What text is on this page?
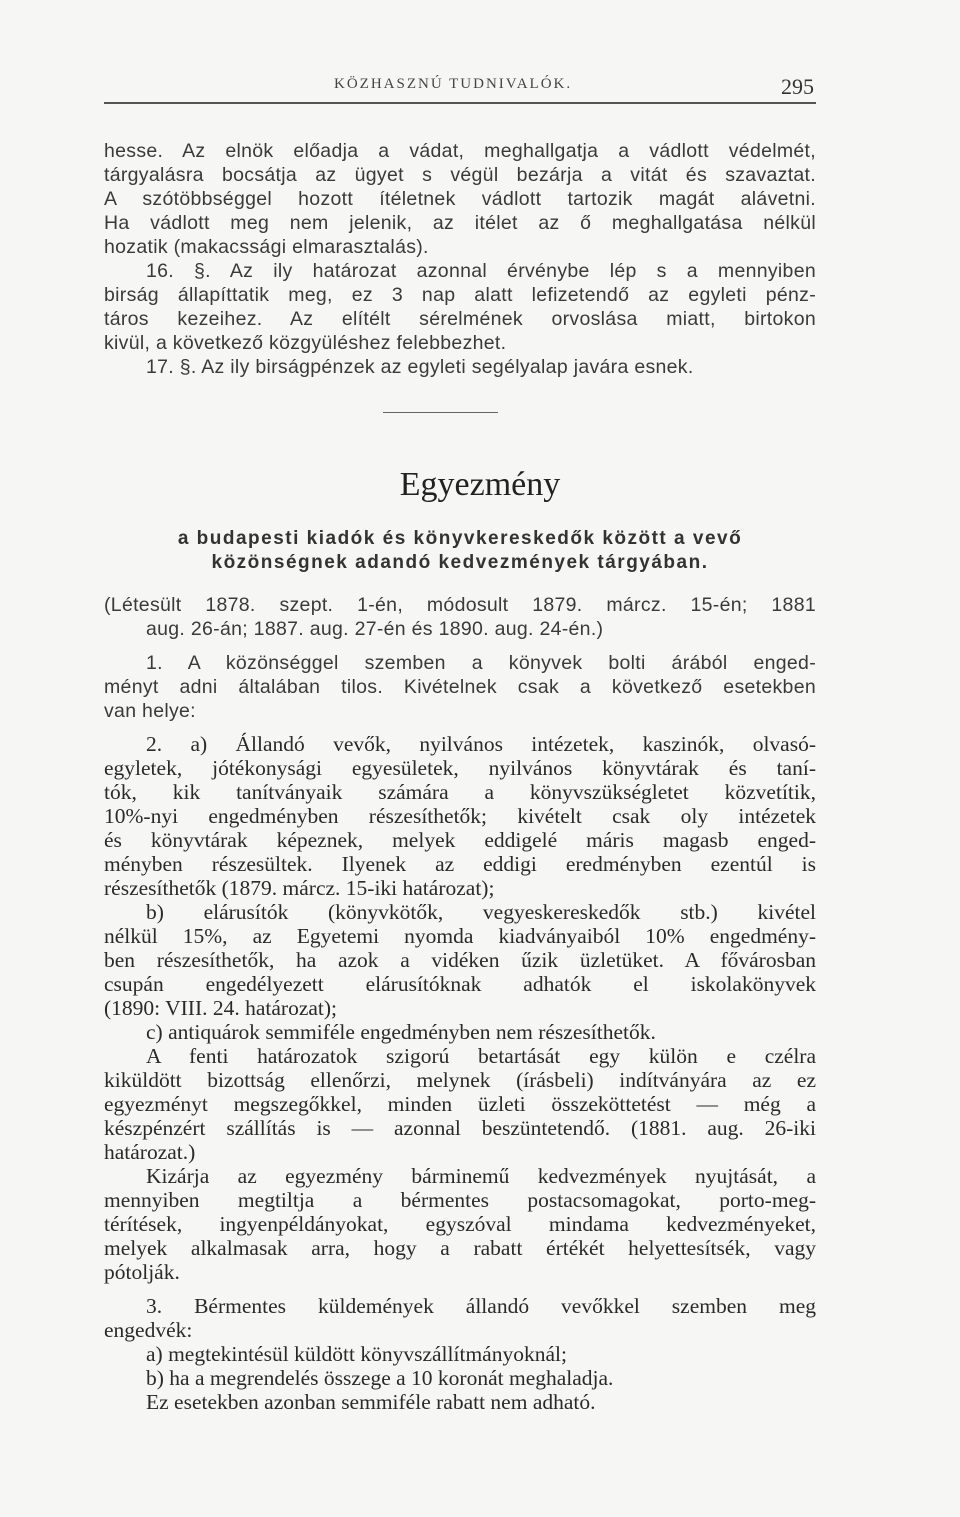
KÖZHASZNÚ TUDNIVALÓK.	295
hesse. Az elnök előadja a vádat, meghallgatja a vádlott védelmét,
tárgyalásra bocsátja az ügyet s végül bezárja a vitát és szavaztat.
A szótöbbséggel hozott ítéletnek vádlott tartozik magát alávetni.
Ha vádlott meg nem jelenik, az itélet az ő meghallgatása nélkül
hozatik (makacssági elmarasztalás).
16. §. Az ily határozat azonnal érvénybe lép s a mennyiben
birság állapíttatik meg, ez 3 nap alatt lefizetendő az egyleti pénz-
táros kezeihez. Az elítélt sérelmének orvoslása miatt, birtokon
kivül, a következő közgyüléshez felebbezhet.
17. §. Az ily birságpénzek az egyleti segélyalap javára esnek.
Egyezmény
a budapesti kiadók és könyvkereskedők között a vevő
közönségnek adandó kedvezmények tárgyában.
(Létesült 1878. szept. 1-én, módosult 1879. márcz. 15-én; 1881
aug. 26-án; 1887. aug. 27-én és 1890. aug. 24-én.)
1. A közönséggel szemben a könyvek bolti árából enged-
ményt adni általában tilos. Kivételnek csak a következő esetekben
van helye:
2. a) Állandó vevők, nyilvános intézetek, kaszinók, olvasó-
egyletek, jótékonysági egyesületek, nyilvános könyvtárak és taní-
tók, kik tanítványaik számára a könyvszükségletet közvetítik,
10%-nyi engedményben részesíthetők; kivételt csak oly intézetek
és könyvtárak képeznek, melyek eddigelé máris magasb enged-
ményben részesültek. Ilyenek az eddigi eredményben ezentúl is
részesíthetők (1879. márcz. 15-iki határozat);
b) elárusítók (könyvkötők, vegyeskereskedők stb.) kivétel
nélkül 15%, az Egyetemi nyomda kiadványaiból 10% engedmény-
ben részesíthetők, ha azok a vidéken űzik üzletüket. A fővárosban
csupán engedélyezett elárusítóknak adhatók el iskolakönyvek
(1890: VIII. 24. határozat);
c) antiquárok semmiféle engedményben nem részesíthetők.
A fenti határozatok szigorú betartását egy külön e czélra
kiküldött bizottság ellenőrzi, melynek (írásbeli) indítványára az ez
egyezményt megszegőkkel, minden üzleti összeköttetést — még a
készpénzért szállítás is — azonnal beszüntetendő. (1881. aug. 26-iki
határozat.)
Kizárja az egyezmény bárminemű kedvezmények nyujtását, a
mennyiben megtiltja a bérmentes postacsomagokat, porto-meg-
térítések, ingyenpéldányokat, egyszóval mindama kedvezményeket,
melyek alkalmasak arra, hogy a rabatt értékét helyettesítsék, vagy
pótolják.
3. Bérmentes küldemények állandó vevőkkel szemben meg
engedvék:
a) megtekintésül küldött könyvszállítmányoknál;
b) ha a megrendelés összege a 10 koronát meghaladja.
Ez esetekben azonban semmiféle rabatt nem adható.
